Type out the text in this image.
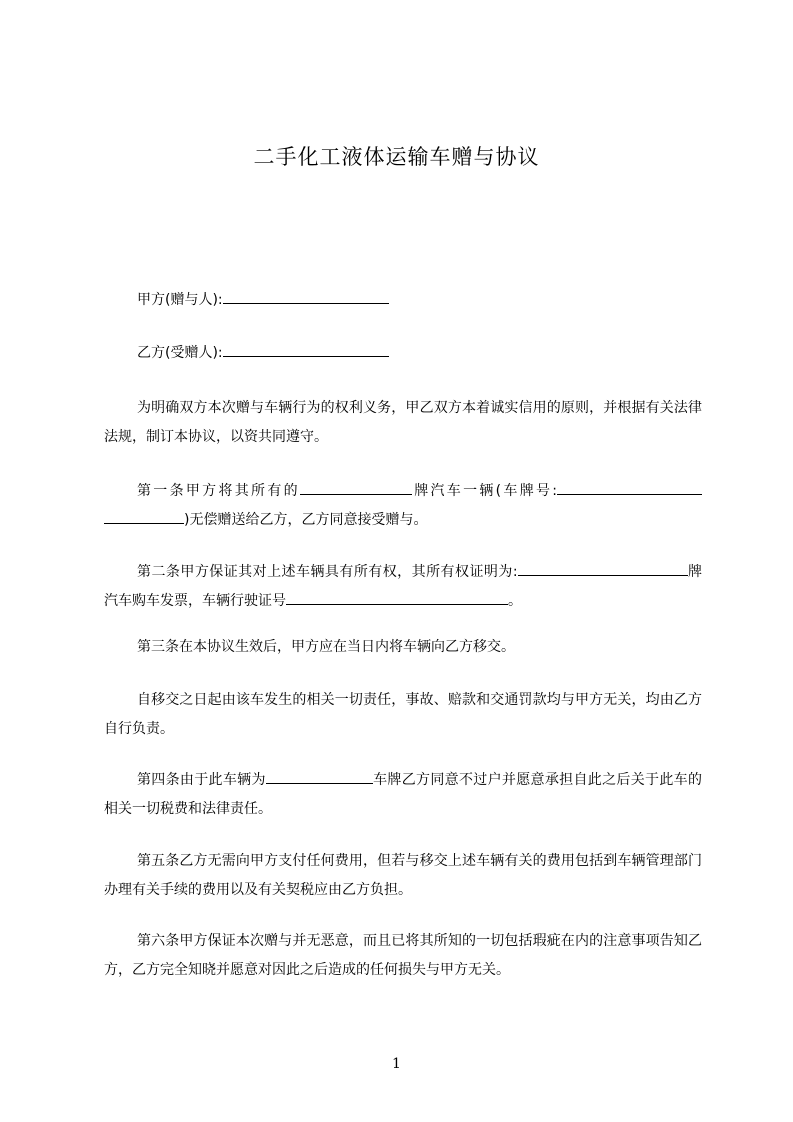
二手化工液体运输车赠与协议

甲方(赠与人):

乙方(受赠人):

为明确双方本次赠与车辆行为的权利义务，甲乙双方本着诚实信用的原则，并根据有关法律法规，制订本协议，以资共同遵守。

第一条甲方将其所有的	牌汽车一辆(车牌号:)无偿赠送给乙方，乙方同意接受赠与。

第二条甲方保证其对上述车辆具有所有权，其所有权证明为:	牌汽车购车发票，车辆行驶证号	。

第三条在本协议生效后，甲方应在当日内将车辆向乙方移交。

自移交之日起由该车发生的相关一切责任，事故、赔款和交通罚款均与甲方无关，均由乙方自行负责。

第四条由于此车辆为	车牌乙方同意不过户并愿意承担自此之后关于此车的相关一切税费和法律责任。

第五条乙方无需向甲方支付任何费用，但若与移交上述车辆有关的费用包括到车辆管理部门办理有关手续的费用以及有关契税应由乙方负担。

第六条甲方保证本次赠与并无恶意，而且已将其所知的一切包括瑕疵在内的注意事项告知乙方，乙方完全知晓并愿意对因此之后造成的任何损失与甲方无关。

1
